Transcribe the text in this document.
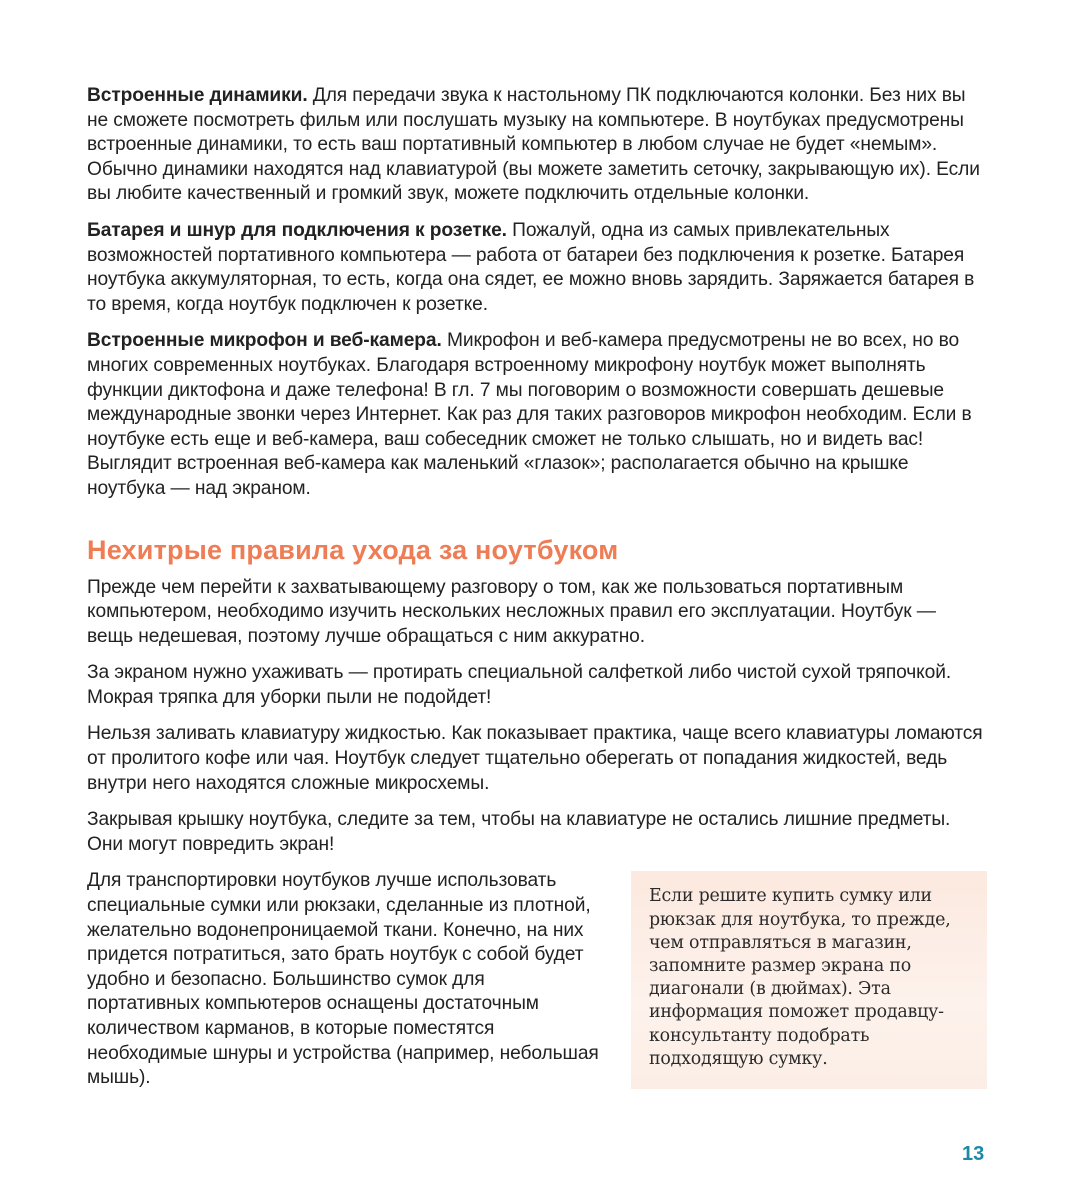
Встроенные динамики. Для передачи звука к настольному ПК подключаются колонки. Без них вы не сможете посмотреть фильм или послушать музыку на компьютере. В ноутбуках предусмотрены встроенные динамики, то есть ваш портативный компьютер в любом случае не будет «немым». Обычно динамики находятся над клавиатурой (вы можете заметить сеточку, закрывающую их). Если вы любите качественный и громкий звук, можете подключить отдельные колонки.

Батарея и шнур для подключения к розетке. Пожалуй, одна из самых привлекательных возможностей портативного компьютера — работа от батареи без подключения к розетке. Батарея ноутбука аккумуляторная, то есть, когда она сядет, ее можно вновь зарядить. Заряжается батарея в то время, когда ноутбук подключен к розетке.

Встроенные микрофон и веб-камера. Микрофон и веб-камера предусмотрены не во всех, но во многих современных ноутбуках. Благодаря встроенному микрофону ноутбук может выполнять функции диктофона и даже телефона! В гл. 7 мы поговорим о возможности совершать дешевые международные звонки через Интернет. Как раз для таких разговоров микрофон необходим. Если в ноутбуке есть еще и веб-камера, ваш собеседник сможет не только слышать, но и видеть вас! Выглядит встроенная веб-камера как маленький «глазок»; располагается обычно на крышке ноутбука — над экраном.

Нехитрые правила ухода за ноутбуком

Прежде чем перейти к захватывающему разговору о том, как же пользоваться портативным компьютером, необходимо изучить нескольких несложных правил его эксплуатации. Ноутбук — вещь недешевая, поэтому лучше обращаться с ним аккуратно.

За экраном нужно ухаживать — протирать специальной салфеткой либо чистой сухой тряпочкой. Мокрая тряпка для уборки пыли не подойдет!

Нельзя заливать клавиатуру жидкостью. Как показывает практика, чаще всего клавиатуры ломаются от пролитого кофе или чая. Ноутбук следует тщательно оберегать от попадания жидкостей, ведь внутри него находятся сложные микросхемы.

Закрывая крышку ноутбука, следите за тем, чтобы на клавиатуре не остались лишние предметы. Они могут повредить экран!

Для транспортировки ноутбуков лучше использовать специальные сумки или рюкзаки, сделанные из плотной, желательно водонепроницаемой ткани. Конечно, на них придется потратиться, зато брать ноутбук с собой будет удобно и безопасно. Большинство сумок для портативных компьютеров оснащены достаточным количеством карманов, в которые поместятся необходимые шнуры и устройства (например, небольшая мышь).

Если решите купить сумку или рюкзак для ноутбука, то прежде, чем отправляться в магазин, запомните размер экрана по диагонали (в дюймах). Эта информация поможет продавцу-консультанту подобрать подходящую сумку.

13
